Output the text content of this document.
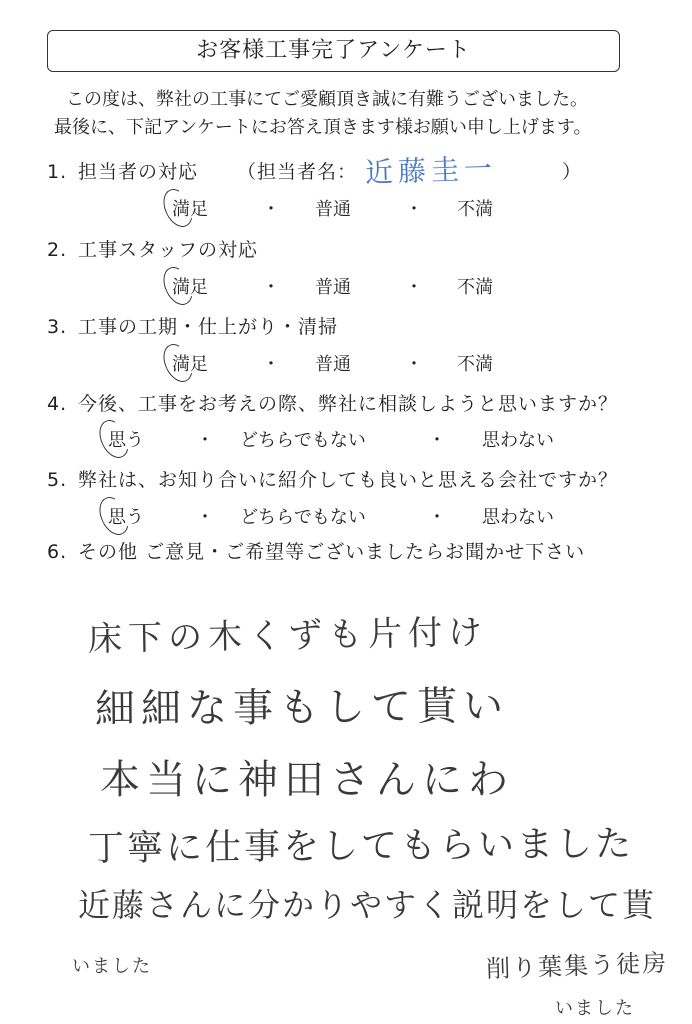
お客様工事完了アンケート
この度は、弊社の工事にてご愛顧頂き誠に有難うございました。
最後に、下記アンケートにお答え頂きます様お願い申し上げます。
1. 担当者の対応 （担当者名： 近藤圭一	）
満足	・ 普通	・ 不満
2. 工事スタッフの対応
満足	・ 普通	・ 不満
3. 工事の工期・仕上がり・清掃
満足	・ 普通	・ 不満
4. 今後、工事をお考えの際、弊社に相談しようと思いますか？
思う	・ どちらでもない	・ 思わない
5. 弊社は、お知り合いに紹介しても良いと思える会社ですか？
思う	・ どちらでもない	・ 思わない
6. その他 ご意見・ご希望等ございましたらお聞かせ下さい
床下の木くずも片付け
細細な事もして貰い
本当に神田さんにわ
丁寧に仕事をしてもらいました
近藤さんに分かりやすく説明をして貰
いました	削り葉集う徒房
いました
